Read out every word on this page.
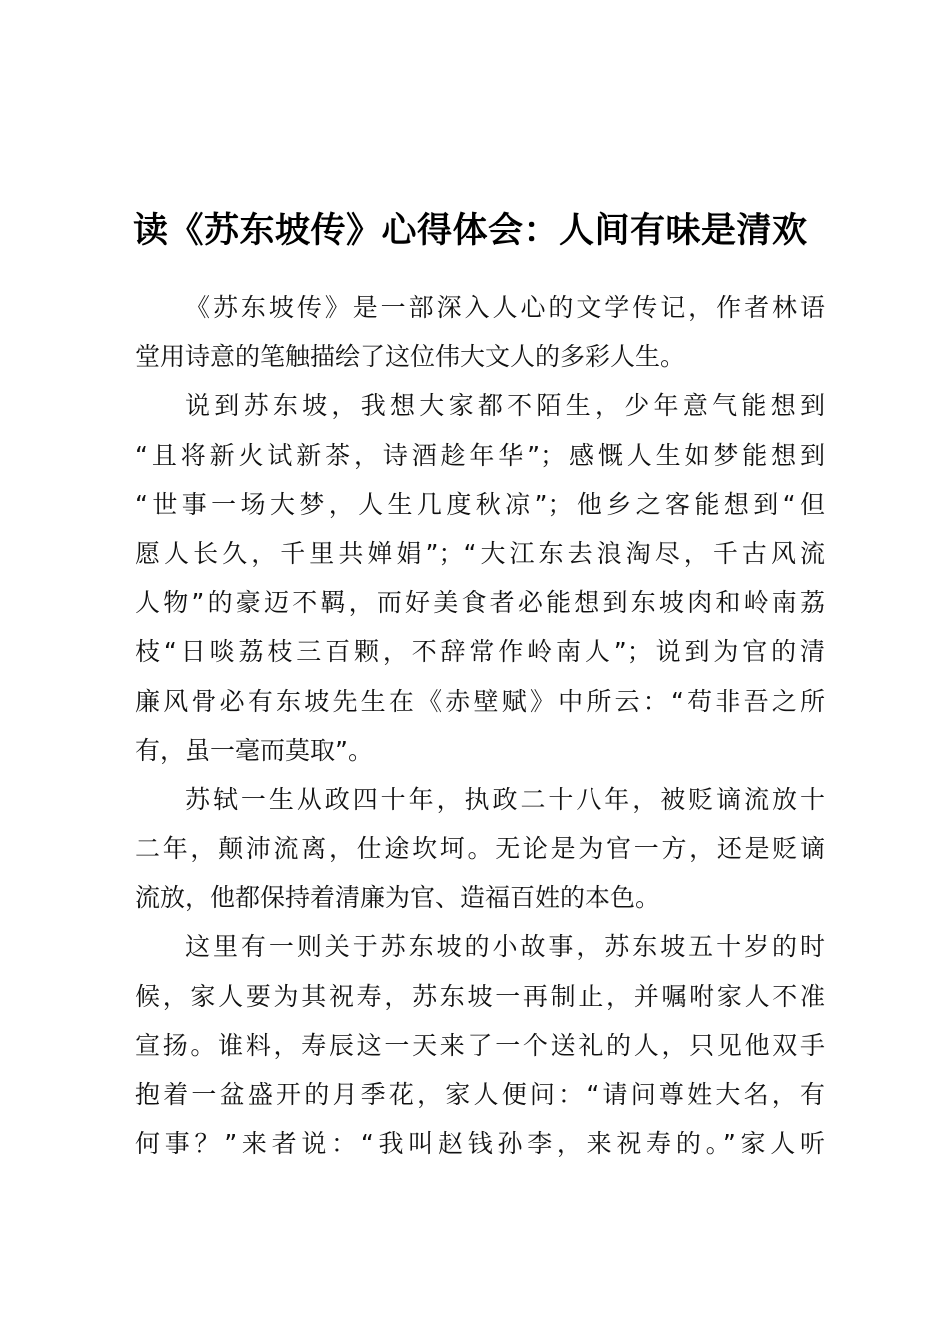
读《苏东坡传》心得体会：人间有味是清欢
《苏东坡传》是一部深入人心的文学传记，作者林语
堂用诗意的笔触描绘了这位伟大文人的多彩人生。
说到苏东坡，我想大家都不陌生，少年意气能想到
“且将新火试新茶，诗酒趁年华”；感慨人生如梦能想到
“世事一场大梦，人生几度秋凉”；他乡之客能想到“但
愿人长久，千里共婵娟”；“大江东去浪淘尽，千古风流
人物”的豪迈不羁，而好美食者必能想到东坡肉和岭南荔
枝“日啖荔枝三百颗，不辞常作岭南人”；说到为官的清
廉风骨必有东坡先生在《赤壁赋》中所云：“苟非吾之所
有，虽一毫而莫取”。
苏轼一生从政四十年，执政二十八年，被贬谪流放十
二年，颠沛流离，仕途坎坷。无论是为官一方，还是贬谪
流放，他都保持着清廉为官、造福百姓的本色。
这里有一则关于苏东坡的小故事，苏东坡五十岁的时
候，家人要为其祝寿，苏东坡一再制止，并嘱咐家人不准
宣扬。谁料，寿辰这一天来了一个送礼的人，只见他双手
抱着一盆盛开的月季花，家人便问：“请问尊姓大名，有
何事？”来者说：“我叫赵钱孙李，来祝寿的。”家人听
